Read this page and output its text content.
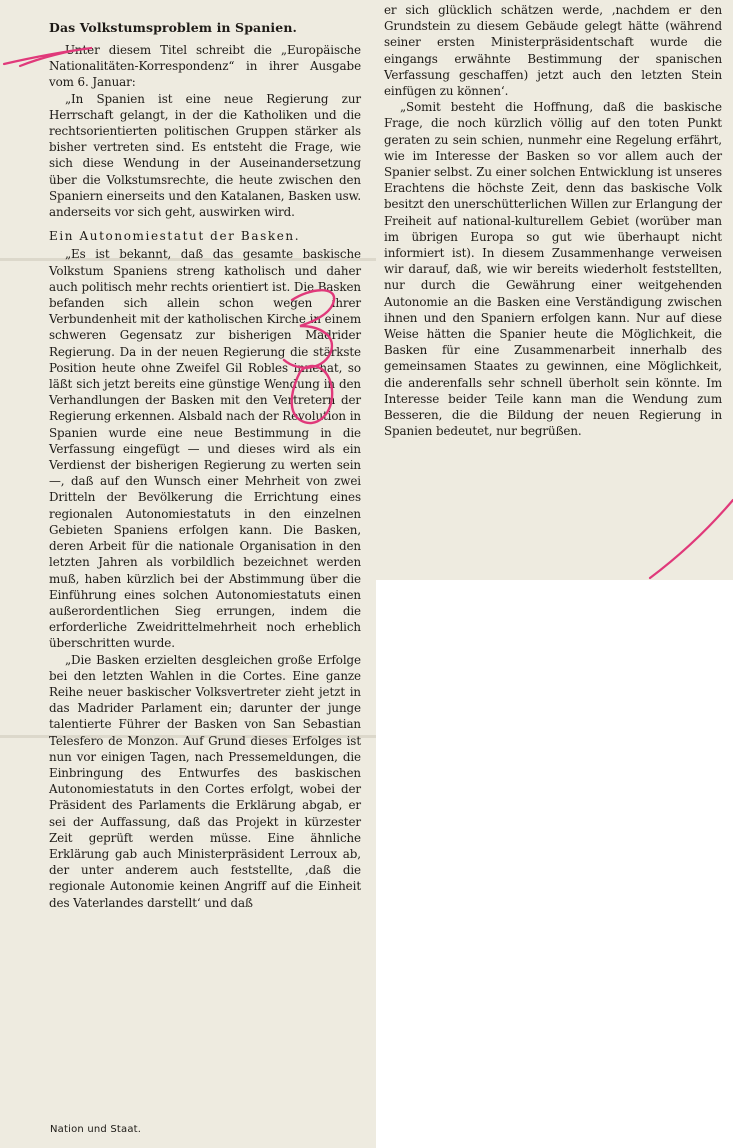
Das Volkstumsproblem in Spanien.

Unter diesem Titel schreibt die „Europäische Nationalitäten-Korrespondenz“ in ihrer Ausgabe vom 6. Januar:

„In Spanien ist eine neue Regierung zur Herrschaft gelangt, in der die Katholiken und die rechtsorientierten politischen Gruppen stärker als bisher vertreten sind. Es entsteht die Frage, wie sich diese Wendung in der Auseinandersetzung über die Volkstumsrechte, die heute zwischen den Spaniern einerseits und den Katalanen, Basken usw. anderseits vor sich geht, auswirken wird.

Ein Autonomiestatut der Basken.

„Es ist bekannt, daß das gesamte baskische Volkstum Spaniens streng katholisch und daher auch politisch mehr rechts orientiert ist. Die Basken befanden sich allein schon wegen ihrer Verbundenheit mit der katholischen Kirche in einem schweren Gegensatz zur bisherigen Madrider Regierung. Da in der neuen Regierung die stärkste Position heute ohne Zweifel Gil Robles innehat, so läßt sich jetzt bereits eine günstige Wendung in den Verhandlungen der Basken mit den Vertretern der Regierung erkennen. Alsbald nach der Revolution in Spanien wurde eine neue Bestimmung in die Verfassung eingefügt — und dieses wird als ein Verdienst der bisherigen Regierung zu werten sein —, daß auf den Wunsch einer Mehrheit von zwei Dritteln der Bevölkerung die Errichtung eines regionalen Autonomiestatuts in den einzelnen Gebieten Spaniens erfolgen kann. Die Basken, deren Arbeit für die nationale Organisation in den letzten Jahren als vorbildlich bezeichnet werden muß, haben kürzlich bei der Abstimmung über die Einführung eines solchen Autonomiestatuts einen außerordentlichen Sieg errungen, indem die erforderliche Zweidrittelmehrheit noch erheblich überschritten wurde.

„Die Basken erzielten desgleichen große Erfolge bei den letzten Wahlen in die Cortes. Eine ganze Reihe neuer baskischer Volksvertreter zieht jetzt in das Madrider Parlament ein; darunter der junge talentierte Führer der Basken von San Sebastian Telesfero de Monzon. Auf Grund dieses Erfolges ist nun vor einigen Tagen, nach Pressemeldungen, die Einbringung des Entwurfes des baskischen Autonomiestatuts in den Cortes erfolgt, wobei der Präsident des Parlaments die Erklärung abgab, er sei der Auffassung, daß das Projekt in kürzester Zeit geprüft werden müsse. Eine ähnliche Erklärung gab auch Ministerpräsident Lerroux ab, der unter anderem auch feststellte, ‚daß die regionale Autonomie keinen Angriff auf die Einheit des Vaterlandes darstellt‘ und daß

er sich glücklich schätzen werde, ‚nachdem er den Grundstein zu diesem Gebäude gelegt hätte (während seiner ersten Ministerpräsidentschaft wurde die eingangs erwähnte Bestimmung der spanischen Verfassung geschaffen) jetzt auch den letzten Stein einfügen zu können‘.

„Somit besteht die Hoffnung, daß die baskische Frage, die noch kürzlich völlig auf den toten Punkt geraten zu sein schien, nunmehr eine Regelung erfährt, wie im Interesse der Basken so vor allem auch der Spanier selbst. Zu einer solchen Entwicklung ist unseres Erachtens die höchste Zeit, denn das baskische Volk besitzt den unerschütterlichen Willen zur Erlangung der Freiheit auf national-kulturellem Gebiet (worüber man im übrigen Europa so gut wie überhaupt nicht informiert ist). In diesem Zusammenhange verweisen wir darauf, daß, wie wir bereits wiederholt feststellten, nur durch die Gewährung einer weitgehenden Autonomie an die Basken eine Verständigung zwischen ihnen und den Spaniern erfolgen kann. Nur auf diese Weise hätten die Spanier heute die Möglichkeit, die Basken für eine Zusammenarbeit innerhalb des gemeinsamen Staates zu gewinnen, eine Möglichkeit, die anderenfalls sehr schnell überholt sein könnte. Im Interesse beider Teile kann man die Wendung zum Besseren, die die Bildung der neuen Regierung in Spanien bedeutet, nur begrüßen.

Nation und Staat.
